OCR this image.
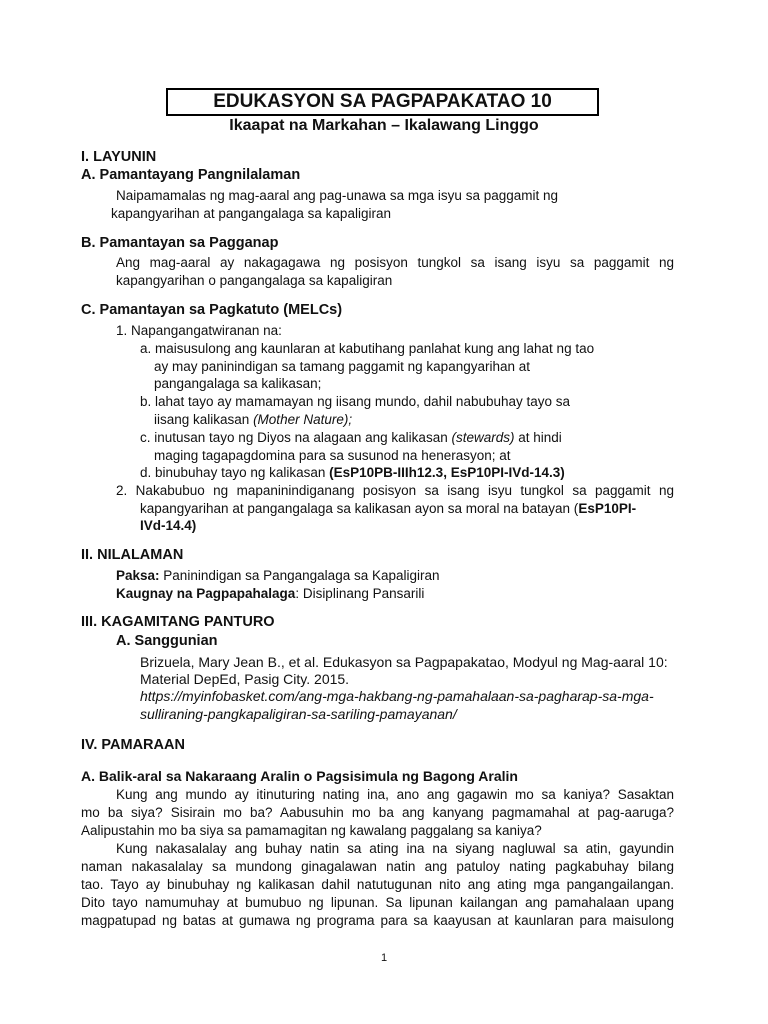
EDUKASYON SA PAGPAPAKATAO 10
Ikaapat na Markahan – Ikalawang Linggo
I. LAYUNIN
A. Pamantayang Pangnilalaman
Naipamamalas ng mag-aaral ang pag-unawa sa mga isyu sa paggamit ng
kapangyarihan at pangangalaga sa kapaligiran
B. Pamantayan sa Pagganap
Ang mag-aaral ay nakagagawa ng posisyon tungkol sa isang isyu sa paggamit ng
kapangyarihan o pangangalaga sa kapaligiran
C. Pamantayan sa Pagkatuto (MELCs)
1. Napangangatwiranan na:
a. maisusulong ang kaunlaran at kabutihang panlahat kung ang lahat ng tao
ay may paninindigan sa tamang paggamit ng kapangyarihan at
pangangalaga sa kalikasan;
b. lahat tayo ay mamamayan ng iisang mundo, dahil nabubuhay tayo sa
iisang kalikasan (Mother Nature);
c. inutusan tayo ng Diyos na alagaan ang kalikasan (stewards) at hindi
maging tagapagdomina para sa susunod na henerasyon; at
d. binubuhay tayo ng kalikasan (EsP10PB-IIIh12.3, EsP10PI-IVd-14.3)
2. Nakabubuo ng mapaninindiganang posisyon sa isang isyu tungkol sa paggamit ng
kapangyarihan at pangangalaga sa kalikasan ayon sa moral na batayan (EsP10PI-
IVd-14.4)
II. NILALAMAN
Paksa: Paninindigan sa Pangangalaga sa Kapaligiran
Kaugnay na Pagpapahalaga: Disiplinang Pansarili
III. KAGAMITANG PANTURO
A. Sanggunian
Brizuela, Mary Jean B., et al. Edukasyon sa Pagpapakatao, Modyul ng Mag-aaral 10:
Material DepEd, Pasig City. 2015.
https://myinfobasket.com/ang-mga-hakbang-ng-pamahalaan-sa-pagharap-sa-mga-
sulliraning-pangkapaligiran-sa-sariling-pamayanan/
IV. PAMARAAN
A. Balik-aral sa Nakaraang Aralin o Pagsisimula ng Bagong Aralin
Kung ang mundo ay itinuturing nating ina, ano ang gagawin mo sa kaniya? Sasaktan
mo ba siya? Sisirain mo ba? Aabusuhin mo ba ang kanyang pagmamahal at pag-aaruga?
Aalipustahin mo ba siya sa pamamagitan ng kawalang paggalang sa kaniya?
Kung nakasalalay ang buhay natin sa ating ina na siyang nagluwal sa atin, gayundin
naman nakasalalay sa mundong ginagalawan natin ang patuloy nating pagkabuhay bilang
tao. Tayo ay binubuhay ng kalikasan dahil natutugunan nito ang ating mga pangangailangan.
Dito tayo namumuhay at bumubuo ng lipunan. Sa lipunan kailangan ang pamahalaan upang
magpatupad ng batas at gumawa ng programa para sa kaayusan at kaunlaran para maisulong
1
